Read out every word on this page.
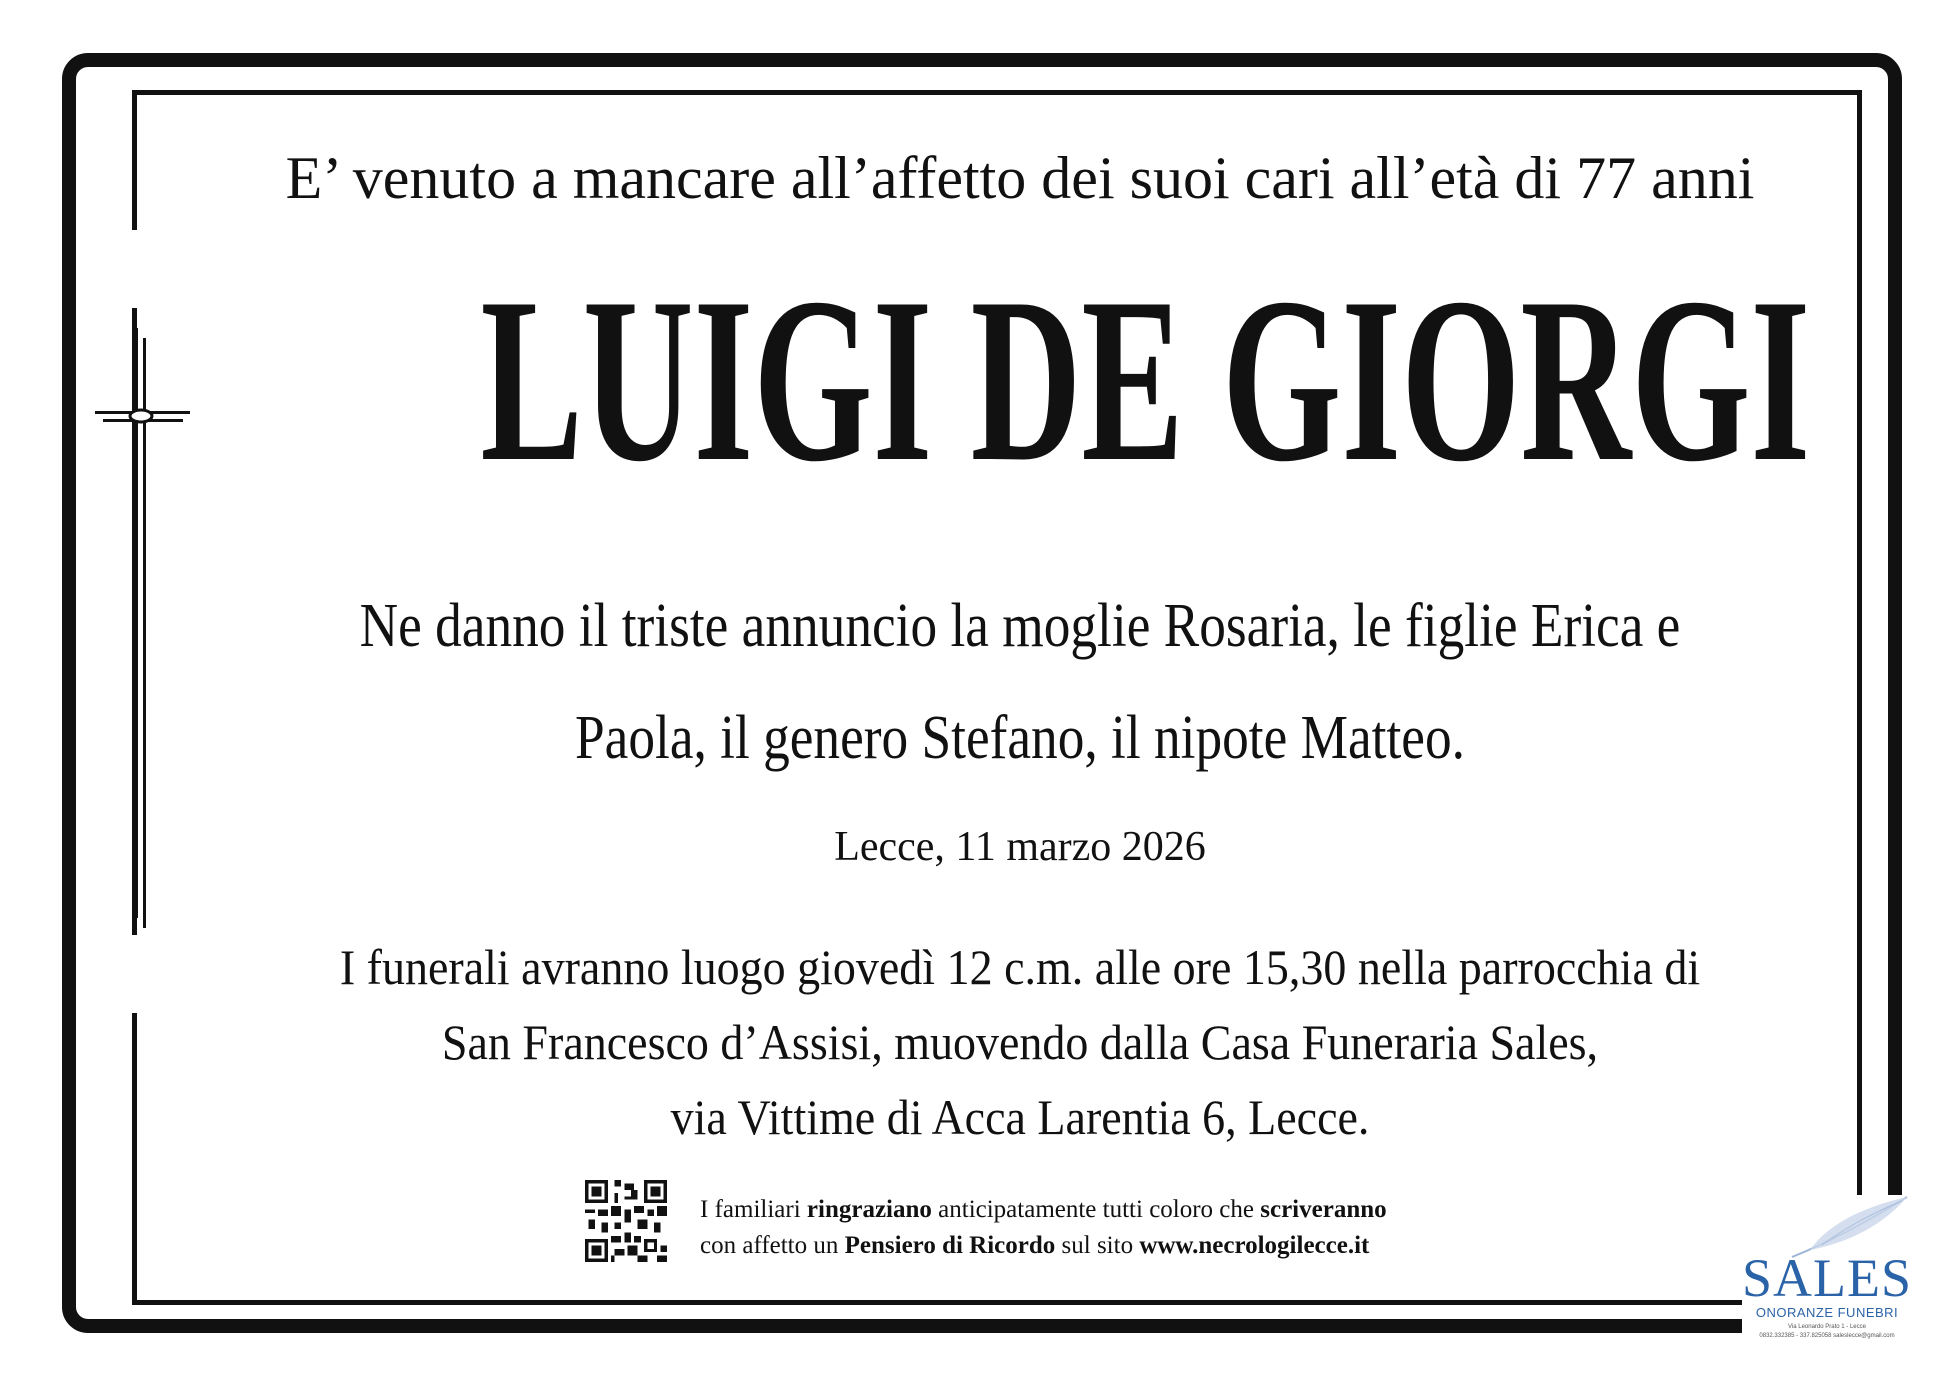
E’ venuto a mancare all’affetto dei suoi cari all’età di 77 anni
LUIGI DE GIORGI
Ne danno il triste annuncio la moglie Rosaria, le figlie Erica e
Paola, il genero Stefano, il nipote Matteo.
Lecce, 11 marzo 2026
I funerali avranno luogo giovedì 12 c.m. alle ore 15,30 nella parrocchia di
San Francesco d’Assisi, muovendo dalla Casa Funeraria Sales,
via Vittime di Acca Larentia 6, Lecce.
I familiari ringraziano anticipatamente tutti coloro che scriveranno
con affetto un Pensiero di Ricordo sul sito www.necrologilecce.it
SALES
ONORANZE FUNEBRI
Via Leonardo Prato 1 - Lecce
0832.332385 - 337.825058 saleslecce@gmail.com
